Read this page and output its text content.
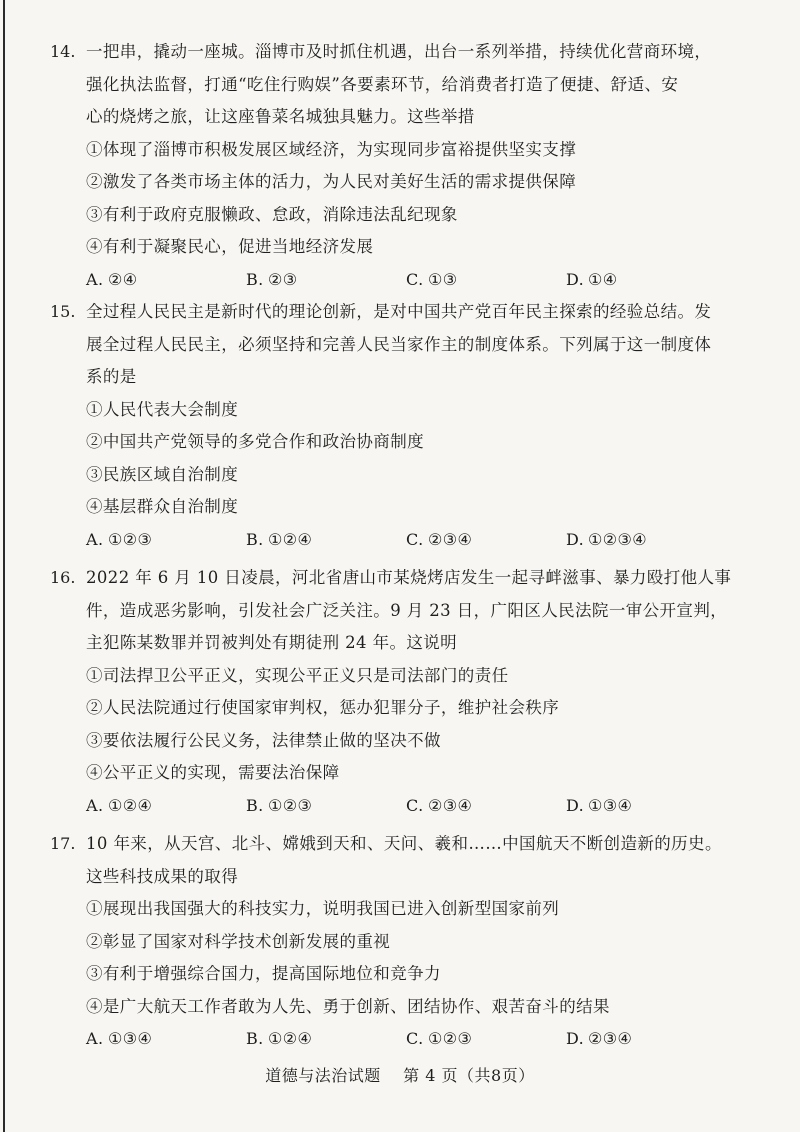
14. 一把串，撬动一座城。淄博市及时抓住机遇，出台一系列举措，持续优化营商环境，
强化执法监督，打通“吃住行购娱”各要素环节，给消费者打造了便捷、舒适、安
心的烧烤之旅，让这座鲁菜名城独具魅力。这些举措
①体现了淄博市积极发展区域经济，为实现同步富裕提供坚实支撑
②激发了各类市场主体的活力，为人民对美好生活的需求提供保障
③有利于政府克服懒政、怠政，消除违法乱纪现象
④有利于凝聚民心，促进当地经济发展
A. ②④	B. ②③	C. ①③	D. ①④
15. 全过程人民民主是新时代的理论创新，是对中国共产党百年民主探索的经验总结。发
展全过程人民民主，必须坚持和完善人民当家作主的制度体系。下列属于这一制度体
系的是
①人民代表大会制度
②中国共产党领导的多党合作和政治协商制度
③民族区域自治制度
④基层群众自治制度
A. ①②③	B. ①②④	C. ②③④	D. ①②③④
16. 2022 年 6 月 10 日凌晨，河北省唐山市某烧烤店发生一起寻衅滋事、暴力殴打他人事
件，造成恶劣影响，引发社会广泛关注。9 月 23 日，广阳区人民法院一审公开宣判，
主犯陈某数罪并罚被判处有期徒刑 24 年。这说明
①司法捍卫公平正义，实现公平正义只是司法部门的责任
②人民法院通过行使国家审判权，惩办犯罪分子，维护社会秩序
③要依法履行公民义务，法律禁止做的坚决不做
④公平正义的实现，需要法治保障
A. ①②④	B. ①②③	C. ②③④	D. ①③④
17. 10 年来，从天宫、北斗、嫦娥到天和、天问、羲和……中国航天不断创造新的历史。
这些科技成果的取得
①展现出我国强大的科技实力，说明我国已进入创新型国家前列
②彰显了国家对科学技术创新发展的重视
③有利于增强综合国力，提高国际地位和竞争力
④是广大航天工作者敢为人先、勇于创新、团结协作、艰苦奋斗的结果
A. ①③④	B. ①②④	C. ①②③	D. ②③④
道德与法治试题 第 4 页（共8页）
